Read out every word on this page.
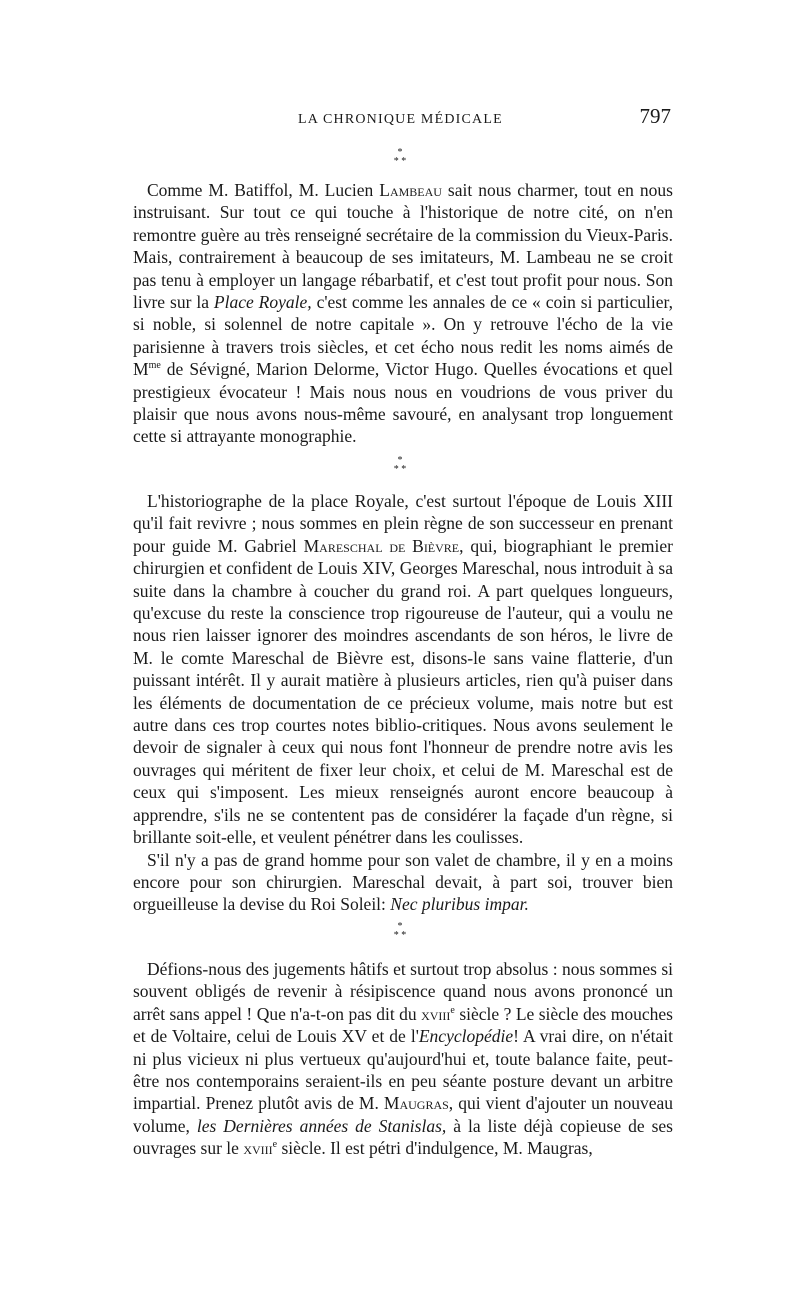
LA CHRONIQUE MÉDICALE	797
*
* *

Comme M. Batiffol, M. Lucien Lambeau sait nous charmer, tout en nous instruisant. Sur tout ce qui touche à l'historique de notre cité, on n'en remontre guère au très renseigné secrétaire de la commission du Vieux-Paris. Mais, contrairement à beaucoup de ses imitateurs, M. Lambeau ne se croit pas tenu à employer un langage rébarbatif, et c'est tout profit pour nous. Son livre sur la Place Royale, c'est comme les annales de ce « coin si particulier, si noble, si solennel de notre capitale ». On y retrouve l'écho de la vie parisienne à travers trois siècles, et cet écho nous redit les noms aimés de $M^{me}$ de Sévigné, Marion Delorme, Victor Hugo. Quelles évocations et quel prestigieux évocateur ! Mais nous nous en voudrions de vous priver du plaisir que nous avons nous-même savouré, en analysant trop longuement cette si attrayante monographie.

*
* *

L'historiographe de la place Royale, c'est surtout l'époque de Louis XIII qu'il fait revivre ; nous sommes en plein règne de son successeur en prenant pour guide M. Gabriel Mareschal de Bièvre, qui, biographiant le premier chirurgien et confident de Louis XIV, Georges Mareschal, nous introduit à sa suite dans la chambre à coucher du grand roi. A part quelques longueurs, qu'excuse du reste la conscience trop rigoureuse de l'auteur, qui a voulu ne nous rien laisser ignorer des moindres ascendants de son héros, le livre de M. le comte Mareschal de Bièvre est, disons-le sans vaine flatterie, d'un puissant intérêt. Il y aurait matière à plusieurs articles, rien qu'à puiser dans les éléments de documentation de ce précieux volume, mais notre but est autre dans ces trop courtes notes biblio-critiques. Nous avons seulement le devoir de signaler à ceux qui nous font l'honneur de prendre notre avis les ouvrages qui méritent de fixer leur choix, et celui de M. Mareschal est de ceux qui s'imposent. Les mieux renseignés auront encore beaucoup à apprendre, s'ils ne se contentent pas de considérer la façade d'un règne, si brillante soit-elle, et veulent pénétrer dans les coulisses.

S'il n'y a pas de grand homme pour son valet de chambre, il y en a moins encore pour son chirurgien. Mareschal devait, à part soi, trouver bien orgueilleuse la devise du Roi Soleil: Nec pluribus impar.

*
* *

Défions-nous des jugements hâtifs et surtout trop absolus : nous sommes si souvent obligés de revenir à résipiscence quand nous avons prononcé un arrêt sans appel ! Que n'a-t-on pas dit du xviii$^e$ siècle ? Le siècle des mouches et de Voltaire, celui de Louis XV et de l'Encyclopédie! A vrai dire, on n'était ni plus vicieux ni plus vertueux qu'aujourd'hui et, toute balance faite, peut-être nos contemporains seraient-ils en peu séante posture devant un arbitre impartial. Prenez plutôt avis de M. Maugras, qui vient d'ajouter un nouveau volume, les Dernières années de Stanislas, à la liste déjà copieuse de ses ouvrages sur le xviii$^e$ siècle. Il est pétri d'indulgence, M. Maugras,
